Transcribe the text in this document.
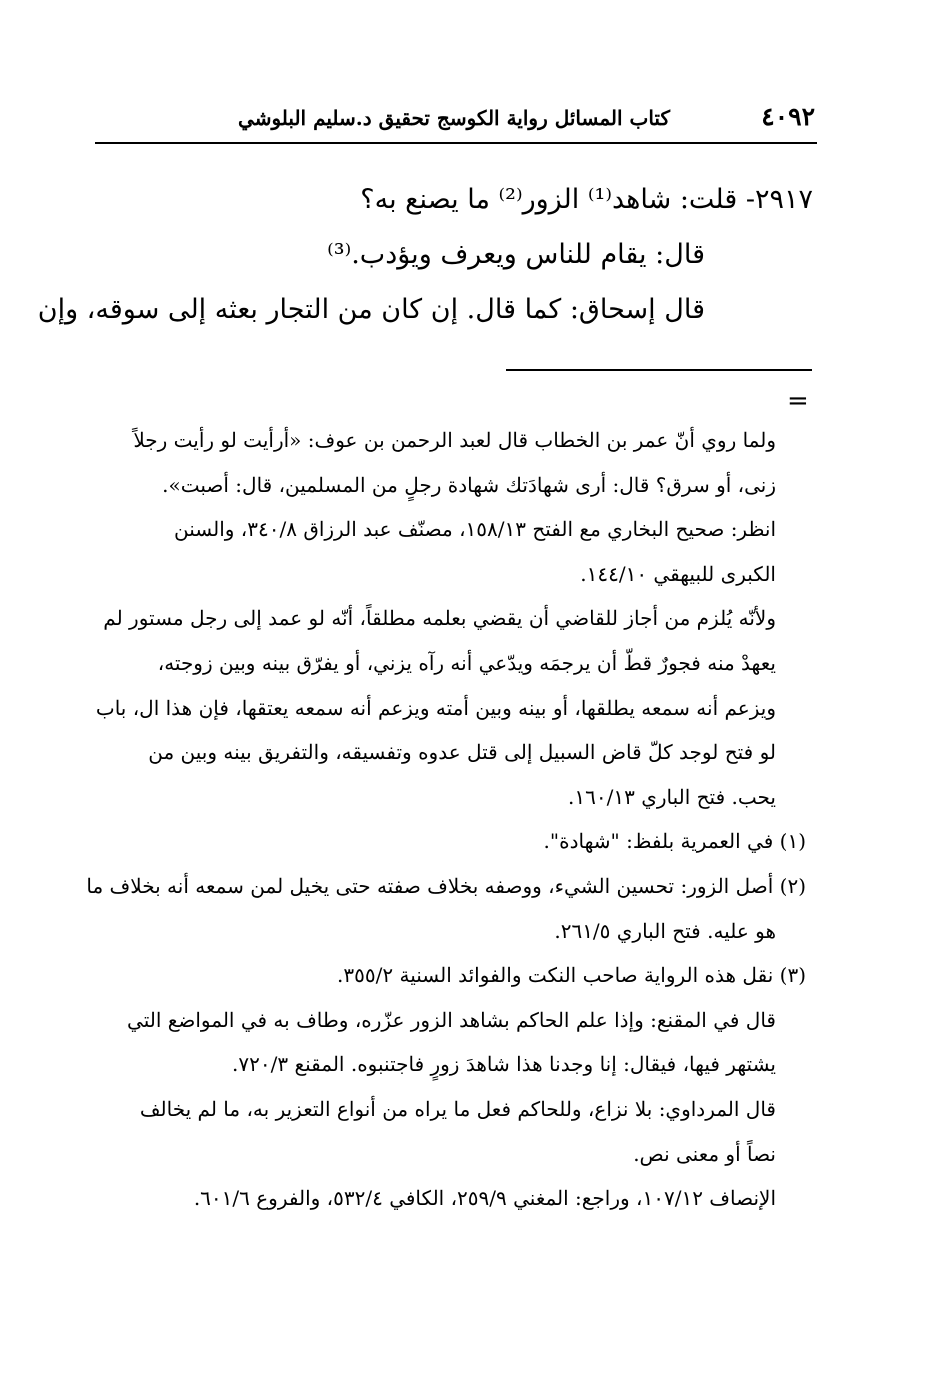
٤٠٩٢
كتاب المسائل رواية الكوسج تحقيق د.سليم البلوشي

٢٩١٧- قلت: شاهد⁽¹⁾ الزور⁽²⁾ ما يصنع به؟

قال: يقام للناس ويعرف ويؤدب.⁽³⁾

قال إسحاق: كما قال. إن كان من التجار بعثه إلى سوقه، وإن

=

ولما روي أنّ عمر بن الخطاب قال لعبد الرحمن بن عوف: «أرأيت لو رأيت رجلاً

زنى، أو سرق؟ قال: أرى شهادَتك شهادة رجلٍ من المسلمين، قال: أصبت».

انظر: صحيح البخاري مع الفتح ١٥٨/١٣، مصنّف عبد الرزاق ٣٤٠/٨، والسنن

الكبرى للبيهقي ١٤٤/١٠.

ولأنّه يُلزم من أجاز للقاضي أن يقضي بعلمه مطلقاً، أنّه لو عمد إلى رجل مستور لم

يعهدْ منه فجورٌ قطّ أن يرجمَه ويدّعي أنه رآه يزني، أو يفرّق بينه وبين زوجته،

ويزعم أنه سمعه يطلقها، أو بينه وبين أمته ويزعم أنه سمعه يعتقها، فإن هذا ال، باب

لو فتح لوجد كلّ قاض السبيل إلى قتل عدوه وتفسيقه، والتفريق بينه وبين من

يحب. فتح الباري ١٦٠/١٣.

(١) في العمرية بلفظ: "شهادة".

(٢) أصل الزور: تحسين الشيء، ووصفه بخلاف صفته حتى يخيل لمن سمعه أنه بخلاف ما

هو عليه. فتح الباري ٢٦١/٥.

(٣) نقل هذه الرواية صاحب النكت والفوائد السنية ٣٥٥/٢.

قال في المقنع: وإذا علم الحاكم بشاهد الزور عزّره، وطاف به في المواضع التي

يشتهر فيها، فيقال: إنا وجدنا هذا شاهدَ زورٍ فاجتنبوه. المقنع ٧٢٠/٣.

قال المرداوي: بلا نزاع، وللحاكم فعل ما يراه من أنواع التعزير به، ما لم يخالف

نصاً أو معنى نص.

الإنصاف ١٠٧/١٢، وراجع: المغني ٢٥٩/٩، الكافي ٥٣٢/٤، والفروع ٦٠١/٦.
